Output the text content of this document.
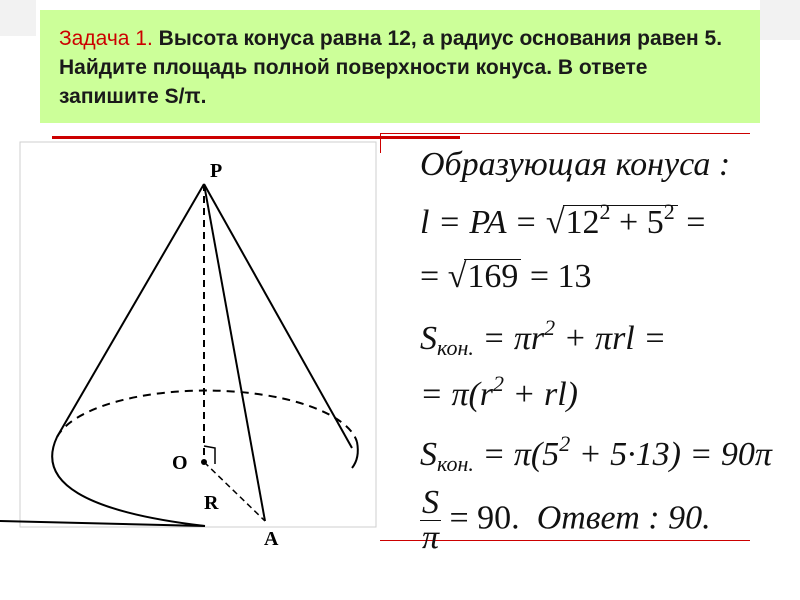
Задача 1. Высота конуса равна 12, а радиус основания равен 5. Найдите площадь полной поверхности конуса. В ответе запишите S/π.

P
O
R
A
Образующая конуса :
l = PA = $√12^2 + 5^2$ =
= √169 = 13
$S_{кон.} = \pi r^2 + \pi rl$ =
= $\pi(r^2 + rl)$
$S_{кон.} = \pi(5^2 + 5\cdot 13) = 90\pi$
$\frac{S}{\pi} = 90$. Ответ : 90.
